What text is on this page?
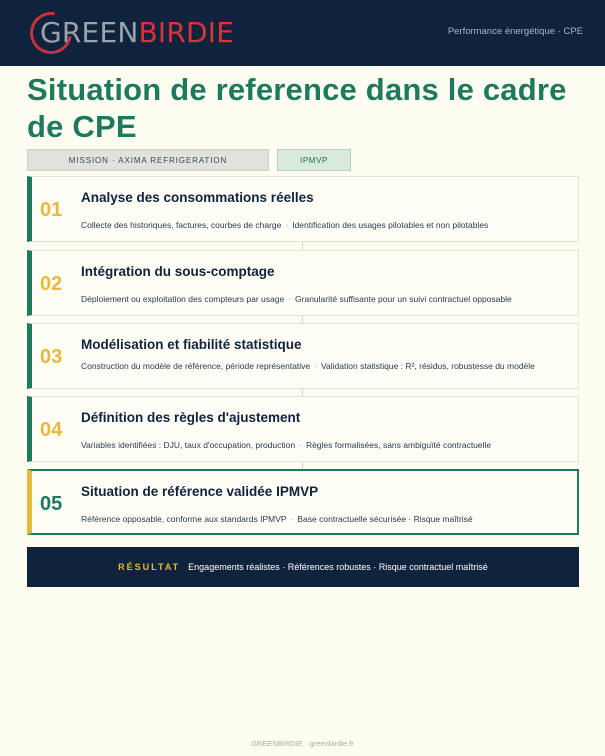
GREENBIRDIE	Performance énergétique · CPE
Situation de reference dans le cadre de CPE
MISSION · AXIMA REFRIGERATION	IPMVP
01
Analyse des consommations réelles
Collecte des historiques, factures, courbes de charge · Identification des usages pilotables et non pilotables
02
Intégration du sous-comptage
Déploiement ou exploitation des compteurs par usage · Granularité suffisante pour un suivi contractuel opposable
03
Modélisation et fiabilité statistique
Construction du modèle de référence, période représentative · Validation statistique : R², résidus, robustesse du modèle
04
Définition des règles d'ajustement
Variables identifiées : DJU, taux d'occupation, production · Règles formalisées, sans ambiguïté contractuelle
05
Situation de référence validée IPMVP
Référence opposable, conforme aux standards IPMVP · Base contractuelle sécurisée · Risque maîtrisé
RÉSULTAT Engagements réalistes · Références robustes · Risque contractuel maîtrisé
GREENBIRDIE · greenbirdie.fr
